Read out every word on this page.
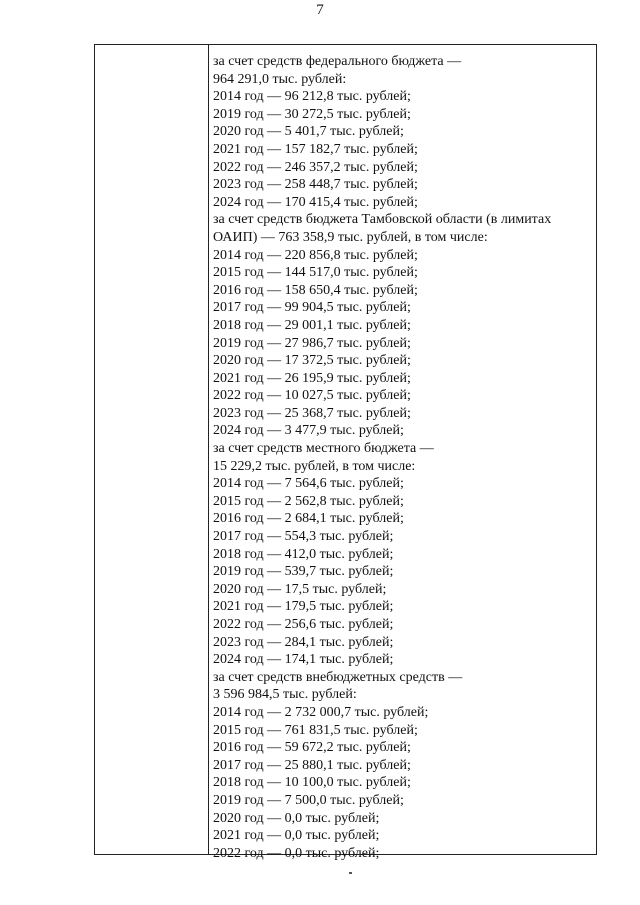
7
за счет средств федерального бюджета —
964 291,0 тыс. рублей:
2014 год — 96 212,8 тыс. рублей;
2019 год — 30 272,5 тыс. рублей;
2020 год — 5 401,7 тыс. рублей;
2021 год — 157 182,7 тыс. рублей;
2022 год — 246 357,2 тыс. рублей;
2023 год — 258 448,7 тыс. рублей;
2024 год — 170 415,4 тыс. рублей;
за счет средств бюджета Тамбовской области (в лимитах
ОАИП) — 763 358,9 тыс. рублей, в том числе:
2014 год — 220 856,8 тыс. рублей;
2015 год — 144 517,0 тыс. рублей;
2016 год — 158 650,4 тыс. рублей;
2017 год — 99 904,5 тыс. рублей;
2018 год — 29 001,1 тыс. рублей;
2019 год — 27 986,7 тыс. рублей;
2020 год — 17 372,5 тыс. рублей;
2021 год — 26 195,9 тыс. рублей;
2022 год — 10 027,5 тыс. рублей;
2023 год — 25 368,7 тыс. рублей;
2024 год — 3 477,9 тыс. рублей;
за счет средств местного бюджета —
15 229,2 тыс. рублей, в том числе:
2014 год — 7 564,6 тыс. рублей;
2015 год — 2 562,8 тыс. рублей;
2016 год — 2 684,1 тыс. рублей;
2017 год — 554,3 тыс. рублей;
2018 год — 412,0 тыс. рублей;
2019 год — 539,7 тыс. рублей;
2020 год — 17,5 тыс. рублей;
2021 год — 179,5 тыс. рублей;
2022 год — 256,6 тыс. рублей;
2023 год — 284,1 тыс. рублей;
2024 год — 174,1 тыс. рублей;
за счет средств внебюджетных средств —
3 596 984,5 тыс. рублей:
2014 год — 2 732 000,7 тыс. рублей;
2015 год — 761 831,5 тыс. рублей;
2016 год — 59 672,2 тыс. рублей;
2017 год — 25 880,1 тыс. рублей;
2018 год — 10 100,0 тыс. рублей;
2019 год — 7 500,0 тыс. рублей;
2020 год — 0,0 тыс. рублей;
2021 год — 0,0 тыс. рублей;
2022 год — 0,0 тыс. рублей;
